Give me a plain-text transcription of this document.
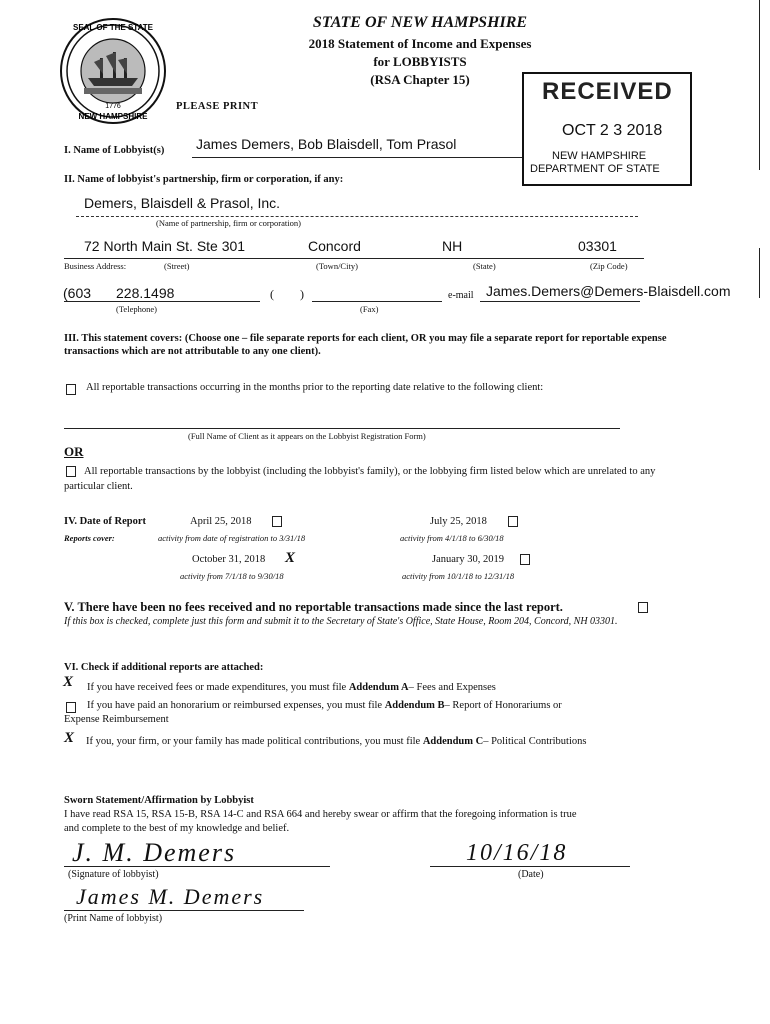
SEAL OF THE STATE
NEW HAMPSHIRE
1776
STATE OF NEW HAMPSHIRE
2018 Statement of Income and Expenses
for LOBBYISTS
(RSA Chapter 15)
PLEASE PRINT
RECEIVED
OCT 2 3 2018
NEW HAMPSHIRE
DEPARTMENT OF STATE
I. Name of Lobbyist(s) James Demers, Bob Blaisdell, Tom Prasol
II. Name of lobbyist's partnership, firm or corporation, if any:
Demers, Blaisdell & Prasol, Inc.
(Name of partnership, firm or corporation)
72 North Main St. Ste 301	Concord	NH	03301
Business Address:	(Street)	(Town/City)	(State)	(Zip Code)
(603 228.1498	( )	e-mail James.Demers@Demers-Blaisdell.com
(Telephone)	(Fax)
III. This statement covers: (Choose one – file separate reports for each client, OR you may file a separate report for reportable expense transactions which are not attributable to any one client).
All reportable transactions occurring in the months prior to the reporting date relative to the following client:
(Full Name of Client as it appears on the Lobbyist Registration Form)
OR
All reportable transactions by the lobbyist (including the lobbyist's family), or the lobbying firm listed below which are unrelated to any particular client.
IV. Date of Report
Reports cover:
April 25, 2018
activity from date of registration to 3/31/18
July 25, 2018
activity from 4/1/18 to 6/30/18
October 31, 2018 X
activity from 7/1/18 to 9/30/18
January 30, 2019
activity from 10/1/18 to 12/31/18
V. There have been no fees received and no reportable transactions made since the last report.
If this box is checked, complete just this form and submit it to the Secretary of State's Office, State House, Room 204, Concord, NH 03301.
VI. Check if additional reports are attached:
X If you have received fees or made expenditures, you must file Addendum A– Fees and Expenses
If you have paid an honorarium or reimbursed expenses, you must file Addendum B– Report of Honorariums or
Expense Reimbursement
X If you, your firm, or your family has made political contributions, you must file Addendum C– Political Contributions
Sworn Statement/Affirmation by Lobbyist
I have read RSA 15, RSA 15-B, RSA 14-C and RSA 664 and hereby swear or affirm that the foregoing information is true
and complete to the best of my knowledge and belief.
J. M. Demers
(Signature of lobbyist)
10/16/18
(Date)
James M. Demers
(Print Name of lobbyist)
